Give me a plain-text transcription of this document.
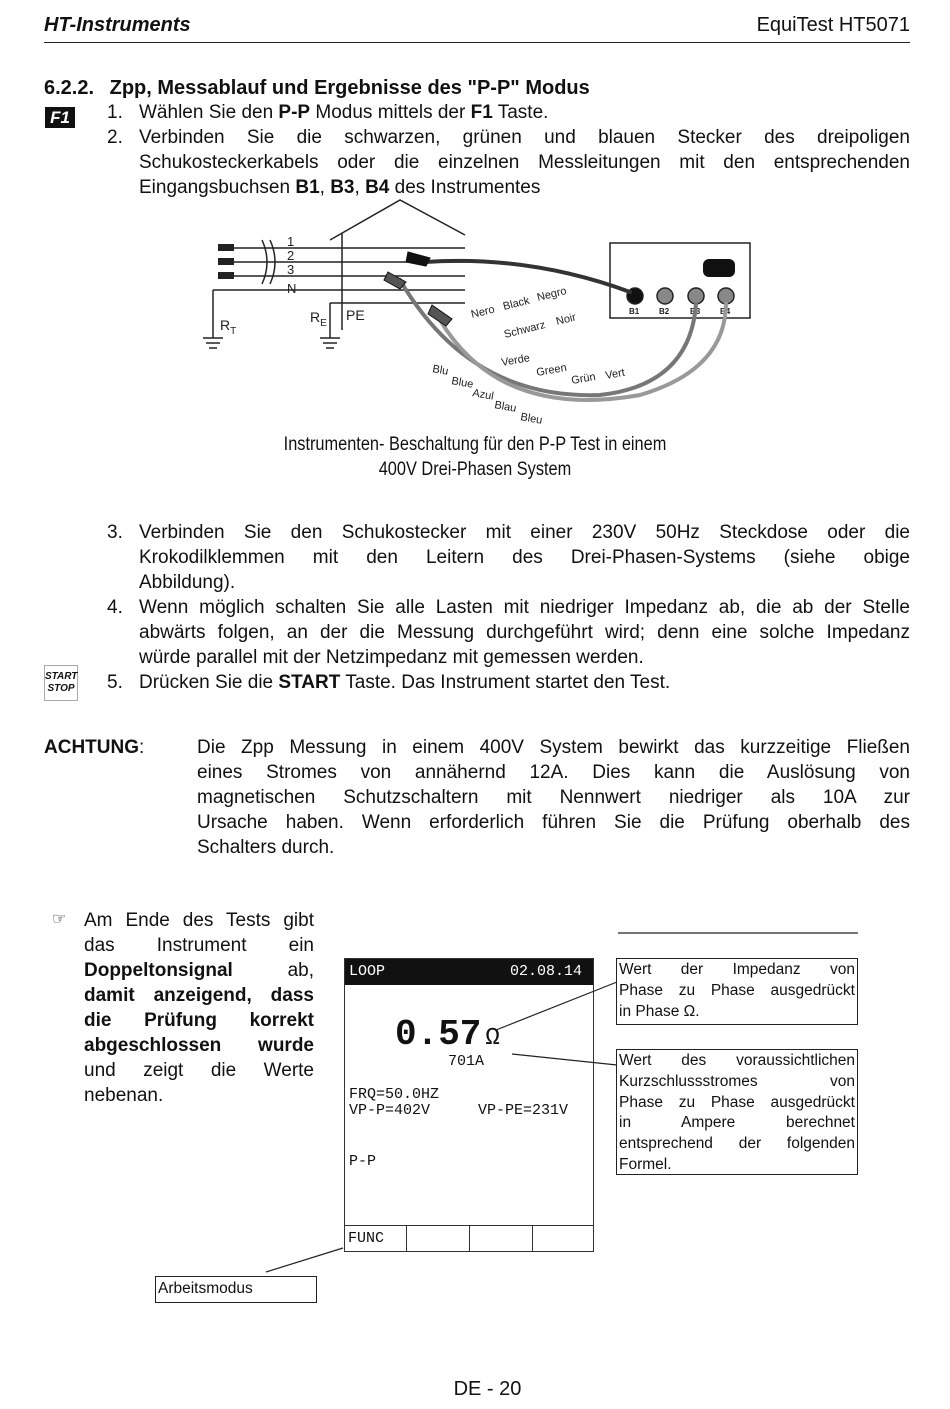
HT-Instruments	EquiTest HT5071
6.2.2. Zpp, Messablauf und Ergebnisse des "P-P" Modus
F1 1. Wählen Sie den P-P Modus mittels der F1 Taste.
2. Verbinden Sie die schwarzen, grünen und blauen Stecker des dreipoligen
Schukosteckerkabels oder die einzelnen Messleitungen mit den entsprechenden
Eingangsbuchsen B1, B3, B4 des Instrumentes
1
2
3
N
$R_T$
$R_E$
PE	B1 B2	B3 B4
Nero Black Negro
Schwarz Noir
Verde
Green Grün Vert
Blu
Blue
Azul
Blau
Bleu
Instrumenten- Beschaltung für den P-P Test in einem
400V Drei-Phasen System
3. Verbinden Sie den Schukostecker mit einer 230V 50Hz Steckdose oder die
Krokodilklemmen mit den Leitern des Drei-Phasen-Systems (siehe obige
Abbildung).
4. Wenn möglich schalten Sie alle Lasten mit niedriger Impedanz ab, die ab der Stelle
abwärts folgen, an der die Messung durchgeführt wird; denn eine solche Impedanz
würde parallel mit der Netzimpedanz mit gemessen werden.
START
STOP 5. Drücken Sie die START Taste. Das Instrument startet den Test.
ACHTUNG:	Die Zpp Messung in einem 400V System bewirkt das kurzzeitige Fließen
eines Stromes von annähernd 12A. Dies kann die Auslösung von
magnetischen Schutzschaltern mit Nennwert niedriger als 10A zur
Ursache haben. Wenn erforderlich führen Sie die Prüfung oberhalb des
Schalters durch.
☞ Am Ende des Tests gibt
das Instrument ein
Doppeltonsignal ab,
damit anzeigend, dass
die Prüfung korrekt
abgeschlossen wurde
und zeigt die Werte
nebenan.
LOOP	02.08.14
0.57 Ω
701A
FRQ=50.0HZ
VP-P=402V	VP-PE=231V
P-P
FUNC
Wert der Impedanz von
Phase zu Phase ausgedrückt
in Phase Ω.
Wert des voraussichtlichen
Kurzschlussstromes von
Phase zu Phase ausgedrückt
in Ampere berechnet
entsprechend der folgenden
Formel.
Arbeitsmodus
DE - 20
